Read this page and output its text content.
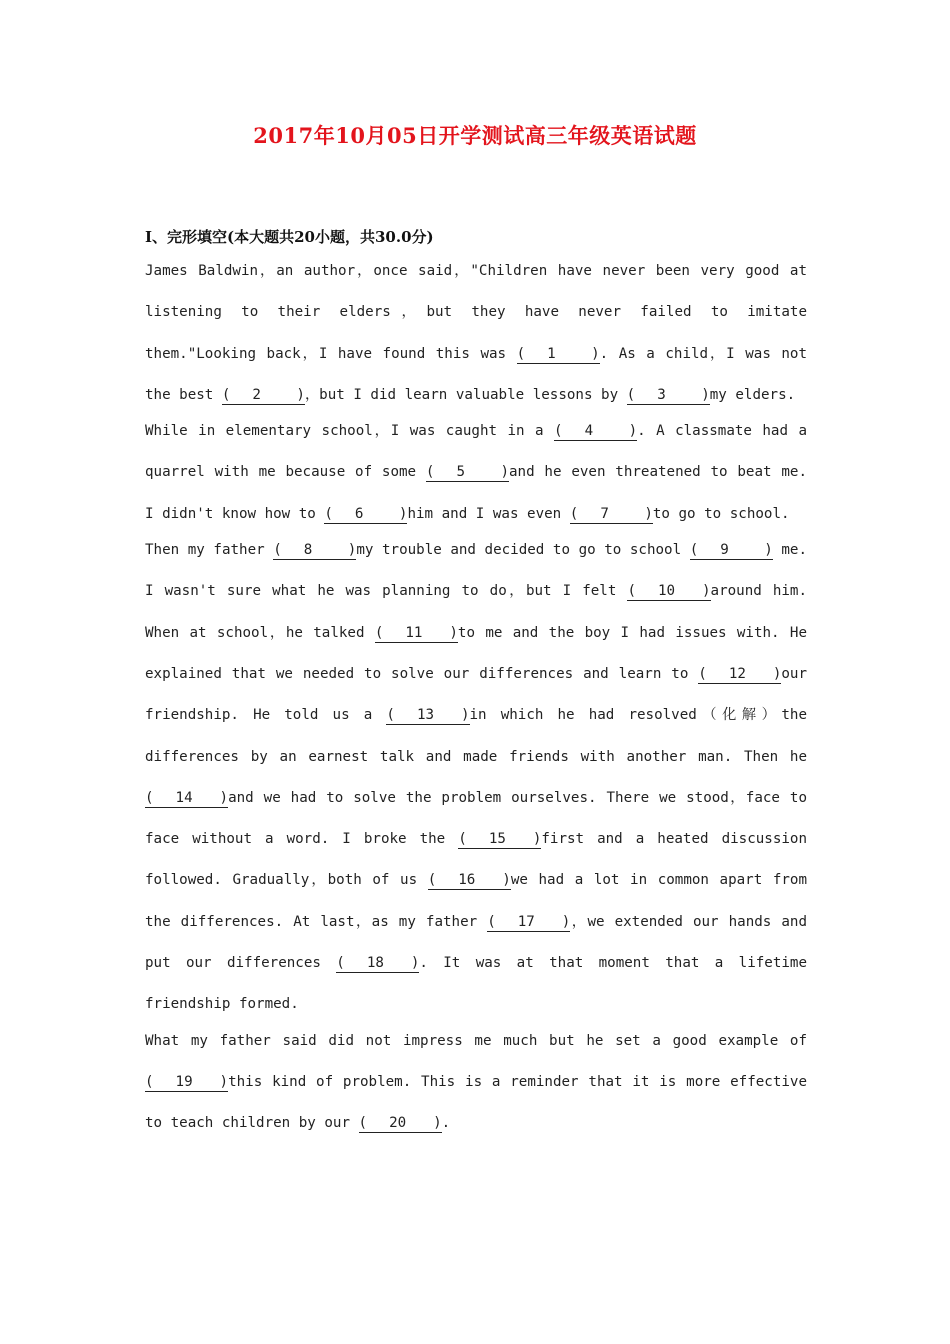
2017年10月05日开学测试高三年级英语试题
I、完形填空(本大题共20小题，共30.0分)

James Baldwin，an author，once said，"Children have never been very good at listening to their elders，but they have never failed to imitate them."Looking back，I have found this was ( 1 ). As a child，I was not the best ( 2 )，but I did learn valuable lessons by ( 3 )my elders.

While in elementary school，I was caught in a ( 4 ). A classmate had a quarrel with me because of some ( 5 )and he even threatened to beat me. I didn't know how to ( 6 )him and I was even ( 7 )to go to school.

Then my father ( 8 )my trouble and decided to go to school ( 9 ) me. I wasn't sure what he was planning to do，but I felt ( 10 )around him. When at school，he talked ( 11 )to me and the boy I had issues with. He explained that we needed to solve our differences and learn to ( 12 )our friendship. He told us a ( 13 )in which he had resolved（化解）the differences by an earnest talk and made friends with another man. Then he ( 14 )and we had to solve the problem ourselves. There we stood，face to face without a word. I broke the ( 15 )first and a heated discussion followed. Gradually，both of us ( 16 )we had a lot in common apart from the differences. At last，as my father ( 17 )，we extended our hands and put our differences ( 18 ). It was at that moment that a lifetime friendship formed.

What my father said did not impress me much but he set a good example of ( 19 )this kind of problem. This is a reminder that it is more effective to teach children by our ( 20 ).
